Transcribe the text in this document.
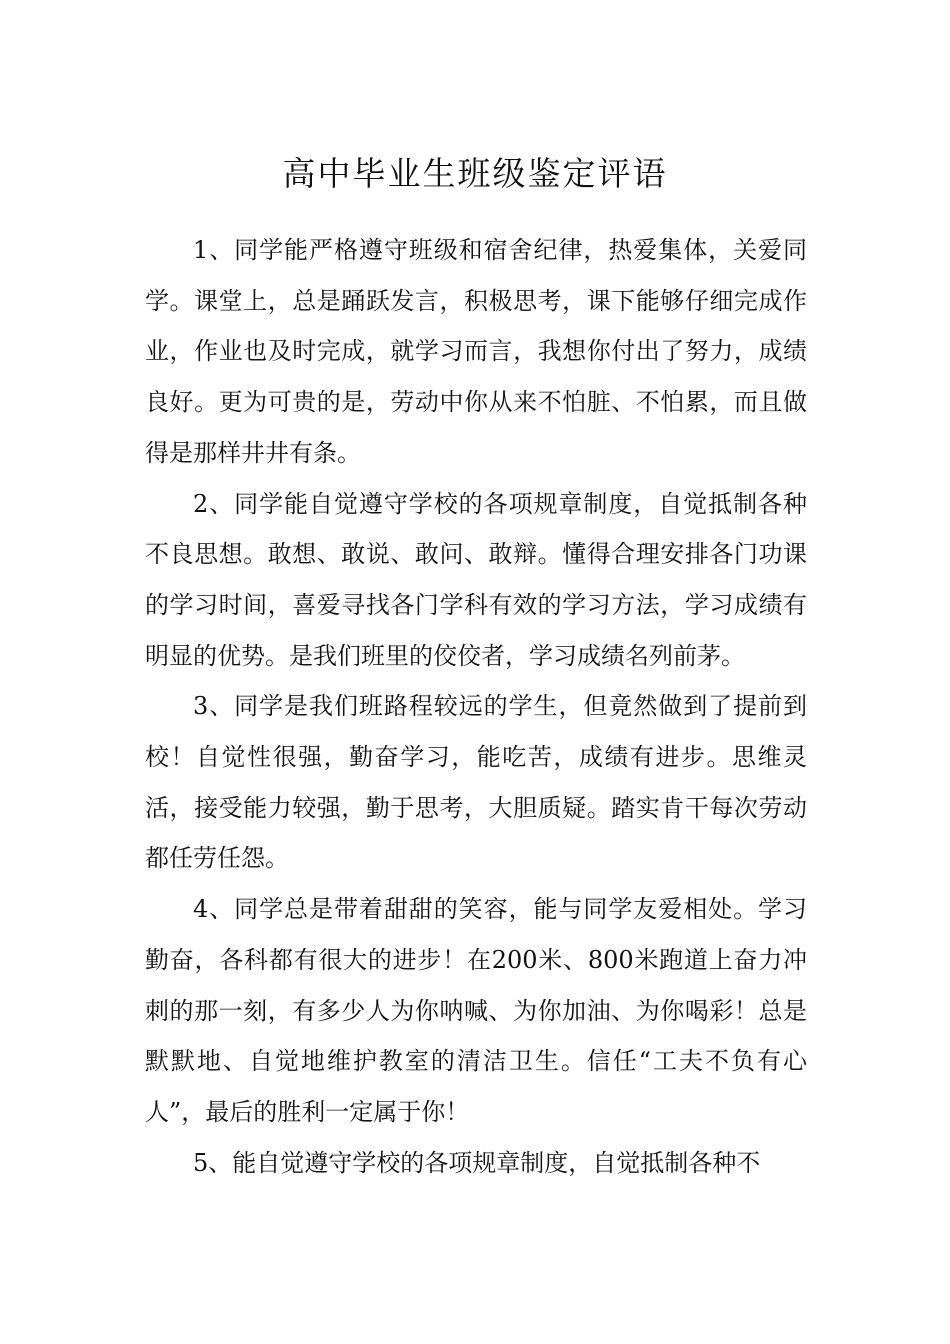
高中毕业生班级鉴定评语

1、同学能严格遵守班级和宿舍纪律，热爱集体，关爱同学。课堂上，总是踊跃发言，积极思考，课下能够仔细完成作业，作业也及时完成，就学习而言，我想你付出了努力，成绩良好。更为可贵的是，劳动中你从来不怕脏、不怕累，而且做得是那样井井有条。

2、同学能自觉遵守学校的各项规章制度，自觉抵制各种不良思想。敢想、敢说、敢问、敢辩。懂得合理安排各门功课的学习时间，喜爱寻找各门学科有效的学习方法，学习成绩有明显的优势。是我们班里的佼佼者，学习成绩名列前茅。

3、同学是我们班路程较远的学生，但竟然做到了提前到校！自觉性很强，勤奋学习，能吃苦，成绩有进步。思维灵活，接受能力较强，勤于思考，大胆质疑。踏实肯干每次劳动都任劳任怨。

4、同学总是带着甜甜的笑容，能与同学友爱相处。学习勤奋，各科都有很大的进步！在200米、800米跑道上奋力冲刺的那一刻，有多少人为你呐喊、为你加油、为你喝彩！总是默默地、自觉地维护教室的清洁卫生。信任“工夫不负有心人”，最后的胜利一定属于你！

5、能自觉遵守学校的各项规章制度，自觉抵制各种不
